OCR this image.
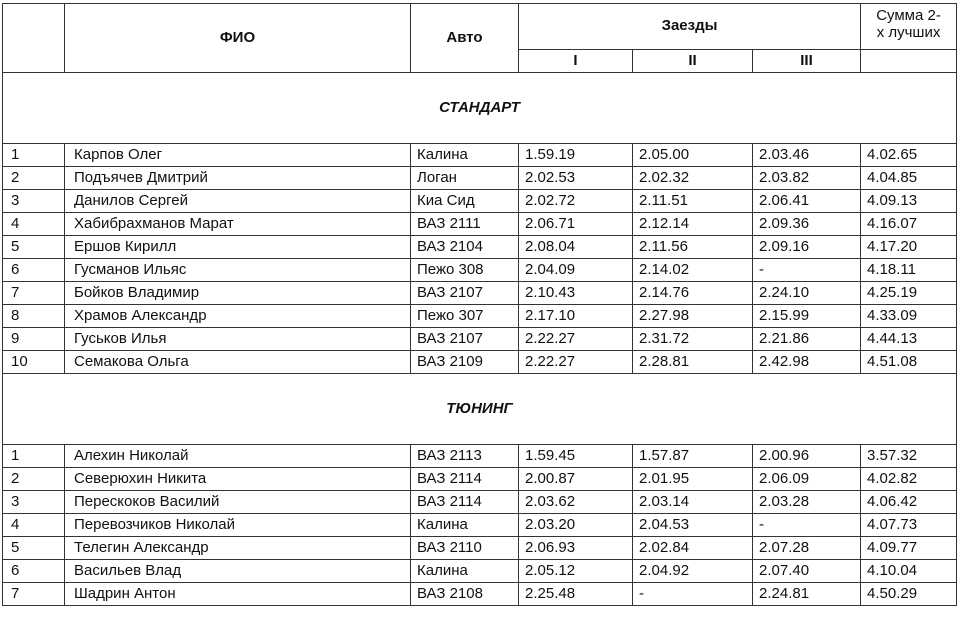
	ФИО	Авто	Заезды			Сумма 2-
х лучших
			I	II	III	
СТАНДАРТ						
1	Карпов Олег	Калина	1.59.19	2.05.00	2.03.46	4.02.65
2	Подъячев Дмитрий	Логан	2.02.53	2.02.32	2.03.82	4.04.85
3	Данилов Сергей	Киа Сид	2.02.72	2.11.51	2.06.41	4.09.13
4	Хабибрахманов Марат	ВАЗ 2111	2.06.71	2.12.14	2.09.36	4.16.07
5	Ершов Кирилл	ВАЗ 2104	2.08.04	2.11.56	2.09.16	4.17.20
6	Гусманов Ильяс	Пежо 308	2.04.09	2.14.02	-	4.18.11
7	Бойков Владимир	ВАЗ 2107	2.10.43	2.14.76	2.24.10	4.25.19
8	Храмов Александр	Пежо 307	2.17.10	2.27.98	2.15.99	4.33.09
9	Гуськов Илья	ВАЗ 2107	2.22.27	2.31.72	2.21.86	4.44.13
10	Семакова Ольга	ВАЗ 2109	2.22.27	2.28.81	2.42.98	4.51.08
ТЮНИНГ						
1	Алехин Николай	ВАЗ 2113	1.59.45	1.57.87	2.00.96	3.57.32
2	Северюхин Никита	ВАЗ 2114	2.00.87	2.01.95	2.06.09	4.02.82
3	Перескоков Василий	ВАЗ 2114	2.03.62	2.03.14	2.03.28	4.06.42
4	Перевозчиков Николай	Калина	2.03.20	2.04.53	-	4.07.73
5	Телегин Александр	ВАЗ 2110	2.06.93	2.02.84	2.07.28	4.09.77
6	Васильев Влад	Калина	2.05.12	2.04.92	2.07.40	4.10.04
7	Шадрин Антон	ВАЗ 2108	2.25.48	-	2.24.81	4.50.29
